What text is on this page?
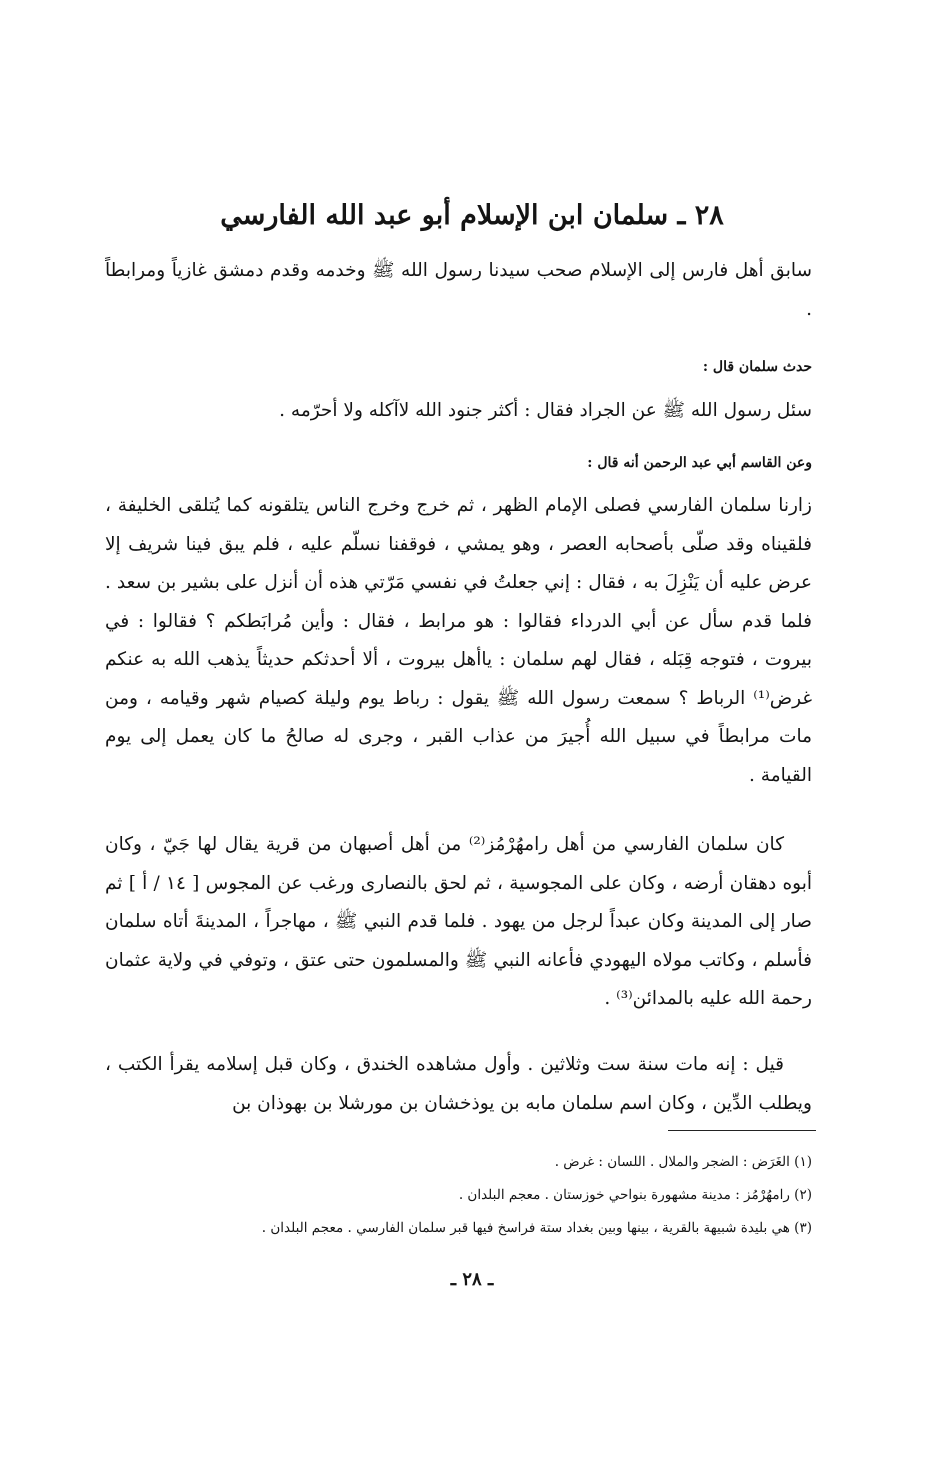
٢٨ ـ سلمان ابن الإسلام أبو عبد الله الفارسي

سابق أهل فارس إلى الإسلام صحب سيدنا رسول الله ﷺ وخدمه وقدم دمشق غازياً ومرابطاً .

حدث سلمان قال :

سئل رسول الله ﷺ عن الجراد فقال : أكثر جنود الله لاآكله ولا أحرّمه .

وعن القاسم أبي عبد الرحمن أنه قال :

زارنا سلمان الفارسي فصلى الإمام الظهر ، ثم خرج وخرج الناس يتلقونه كما يُتلقى الخليفة ، فلقيناه وقد صلّى بأصحابه العصر ، وهو يمشي ، فوقفنا نسلّم عليه ، فلم يبق فينا شريف إلا عرض عليه أن يَنْزِلَ به ، فقال : إني جعلتُ في نفسي مَرّتي هذه أن أنزل على بشير بن سعد . فلما قدم سأل عن أبي الدرداء فقالوا : هو مرابط ، فقال : وأين مُرابَطكم ؟ فقالوا : في بيروت ، فتوجه قِبَله ، فقال لهم سلمان : ياأهل بيروت ، ألا أحدثكم حديثاً يذهب الله به عنكم غرض⁽¹⁾ الرباط ؟ سمعت رسول الله ﷺ يقول : رباط يوم وليلة كصيام شهر وقيامه ، ومن مات مرابطاً في سبيل الله أُجيرَ من عذاب القبر ، وجرى له صالحُ ما كان يعمل إلى يوم القيامة .

كان سلمان الفارسي من أهل رامهُرْمُز⁽²⁾ من أهل أصبهان من قرية يقال لها جَيّ ، وكان أبوه دهقان أرضه ، وكان على المجوسية ، ثم لحق بالنصارى ورغب عن المجوس [ ١٤ / أ ] ثم صار إلى المدينة وكان عبداً لرجل من يهود . فلما قدم النبي ﷺ ، مهاجراً ، المدينةَ أتاه سلمان فأسلم ، وكاتب مولاه اليهودي فأعانه النبي ﷺ والمسلمون حتى عتق ، وتوفي في ولاية عثمان رحمة الله عليه بالمدائن⁽³⁾ .

قيل : إنه مات سنة ست وثلاثين . وأول مشاهده الخندق ، وكان قبل إسلامه يقرأ الكتب ، ويطلب الدِّين ، وكان اسم سلمان مابه بن يوذخشان بن مورشلا بن بهوذان بن

(١) الغَرَض : الضجر والملال . اللسان : غرض .
(٢) رامهُرْمُز : مدينة مشهورة بنواحي خوزستان . معجم البلدان .
(٣) هي بليدة شبيهة بالقرية ، بينها وبين بغداد ستة فراسخ فيها قبر سلمان الفارسي . معجم البلدان .
ـ ٢٨ ـ
